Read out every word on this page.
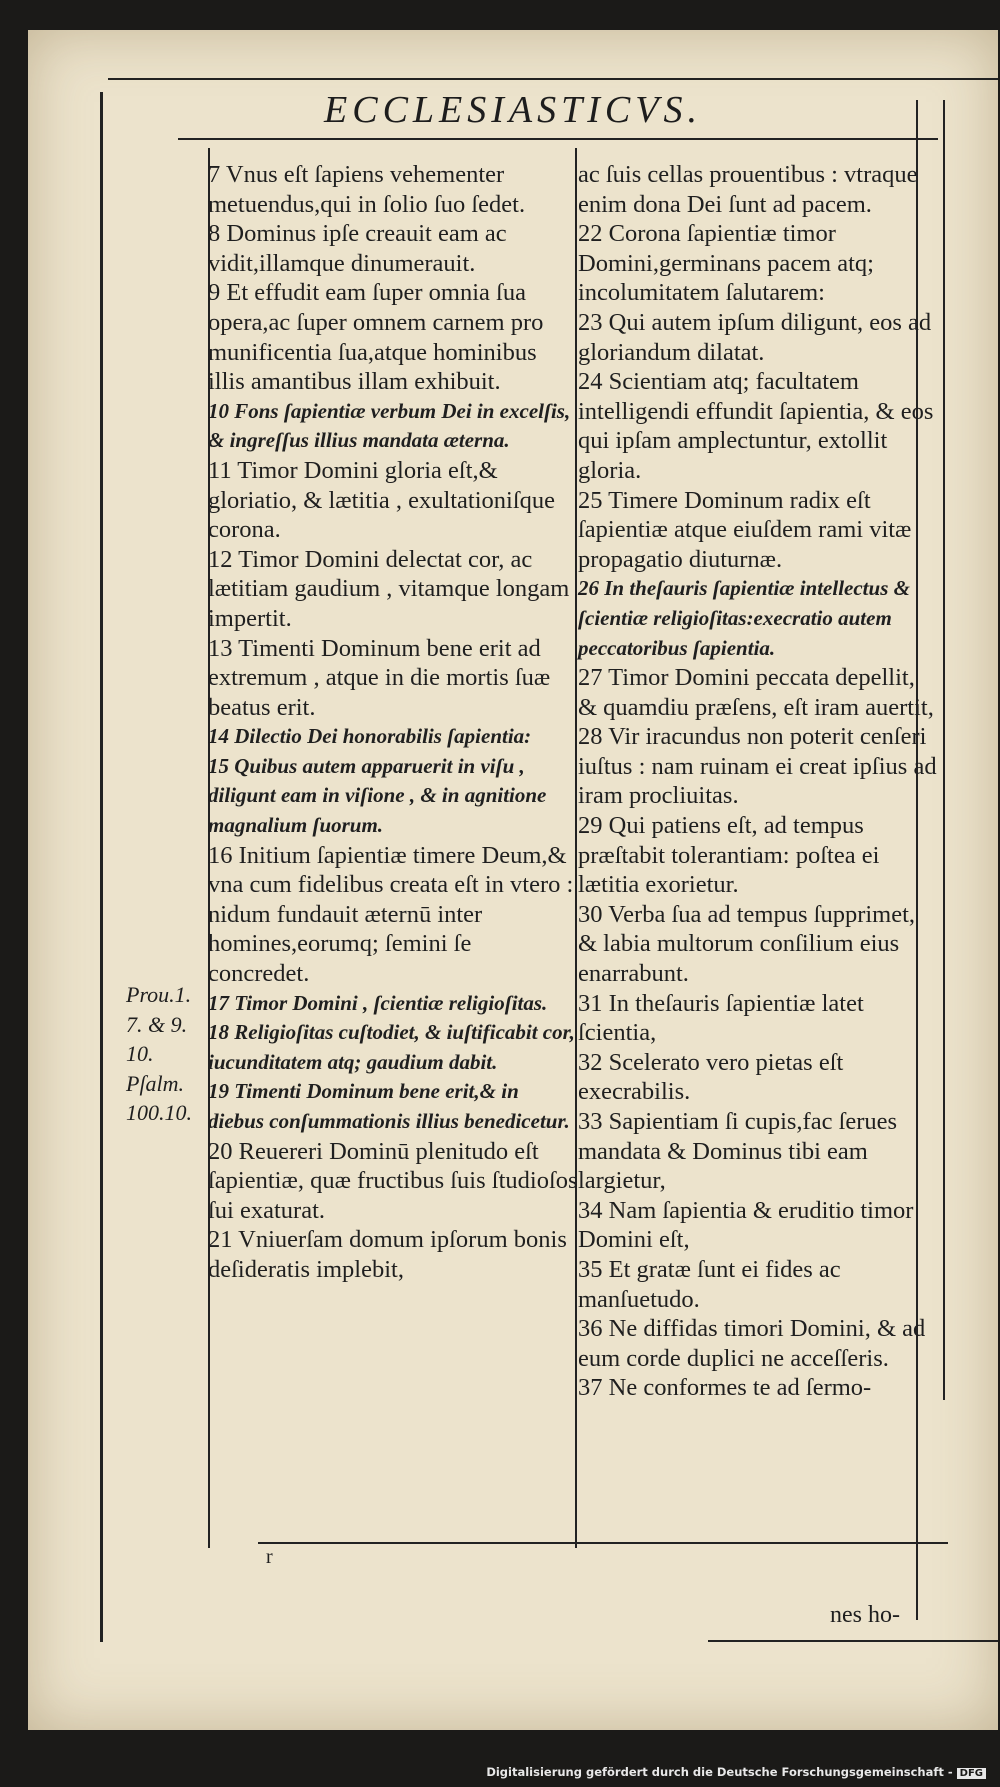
ECCLESIASTICVS.

7 Vnus eſt ſapiens vehementer metuendus,qui in ſolio ſuo ſedet.

8 Dominus ipſe creauit eam ac vidit,illamque dinumerauit.

9 Et effudit eam ſuper omnia ſua opera,ac ſuper omnem carnem pro munificentia ſua,atque hominibus illis amantibus illam exhibuit.

10 Fons ſapientiæ verbum Dei in excelſis, & ingreſſus illius mandata æterna.

11 Timor Domini gloria eſt,& gloriatio, & lætitia , exultationiſque corona.

12 Timor Domini delectat cor, ac lætitiam gaudium , vitamque longam impertit.

13 Timenti Dominum bene erit ad extremum , atque in die mortis ſuæ beatus erit.

14 Dilectio Dei honorabilis ſapientia:

15 Quibus autem apparuerit in viſu , diligunt eam in viſione , & in agnitione magnalium ſuorum.

16 Initium ſapientiæ timere Deum,& vna cum fidelibus creata eſt in vtero : nidum fundauit æternū inter homines,eorumq; ſemini ſe concredet.

17 Timor Domini , ſcientiæ religioſitas.

18 Religioſitas cuſtodiet, & iuſtificabit cor, iucunditatem atq; gaudium dabit.

19 Timenti Dominum bene erit,& in diebus conſummationis illius benedicetur.

20 Reuereri Dominū plenitudo eſt ſapientiæ, quæ fructibus ſuis ſtudioſos ſui exaturat.

21 Vniuerſam domum ipſorum bonis deſideratis implebit,

ac ſuis cellas prouentibus : vtraque enim dona Dei ſunt ad pacem.

22 Corona ſapientiæ timor Domini,germinans pacem atq; incolumitatem ſalutarem:

23 Qui autem ipſum diligunt, eos ad gloriandum dilatat.

24 Scientiam atq; facultatem intelligendi effundit ſapientia, & eos qui ipſam amplectuntur, extollit gloria.

25 Timere Dominum radix eſt ſapientiæ atque eiuſdem rami vitæ propagatio diuturnæ.

26 In theſauris ſapientiæ intellectus & ſcientiæ religioſitas:execratio autem peccatoribus ſapientia.

27 Timor Domini peccata depellit, & quamdiu præſens, eſt iram auertit,

28 Vir iracundus non poterit cenſeri iuſtus : nam ruinam ei creat ipſius ad iram procliuitas.

29 Qui patiens eſt, ad tempus præſtabit tolerantiam: poſtea ei lætitia exorietur.

30 Verba ſua ad tempus ſupprimet, & labia multorum conſilium eius enarrabunt.

31 In theſauris ſapientiæ latet ſcientia,

32 Scelerato vero pietas eſt execrabilis.

33 Sapientiam ſi cupis,fac ſerues mandata & Dominus tibi eam largietur,

34 Nam ſapientia & eruditio timor Domini eſt,

35 Et gratæ ſunt ei fides ac manſuetudo.

36 Ne diffidas timori Domini, & ad eum corde duplici ne acceſſeris.

37 Ne conformes te ad ſermo-

Prou.1.
7. & 9.
10.
Pſalm.
100.10.
r
nes ho-
Digitalisierung gefördert durch die Deutsche Forschungsgemeinschaft - DFG
